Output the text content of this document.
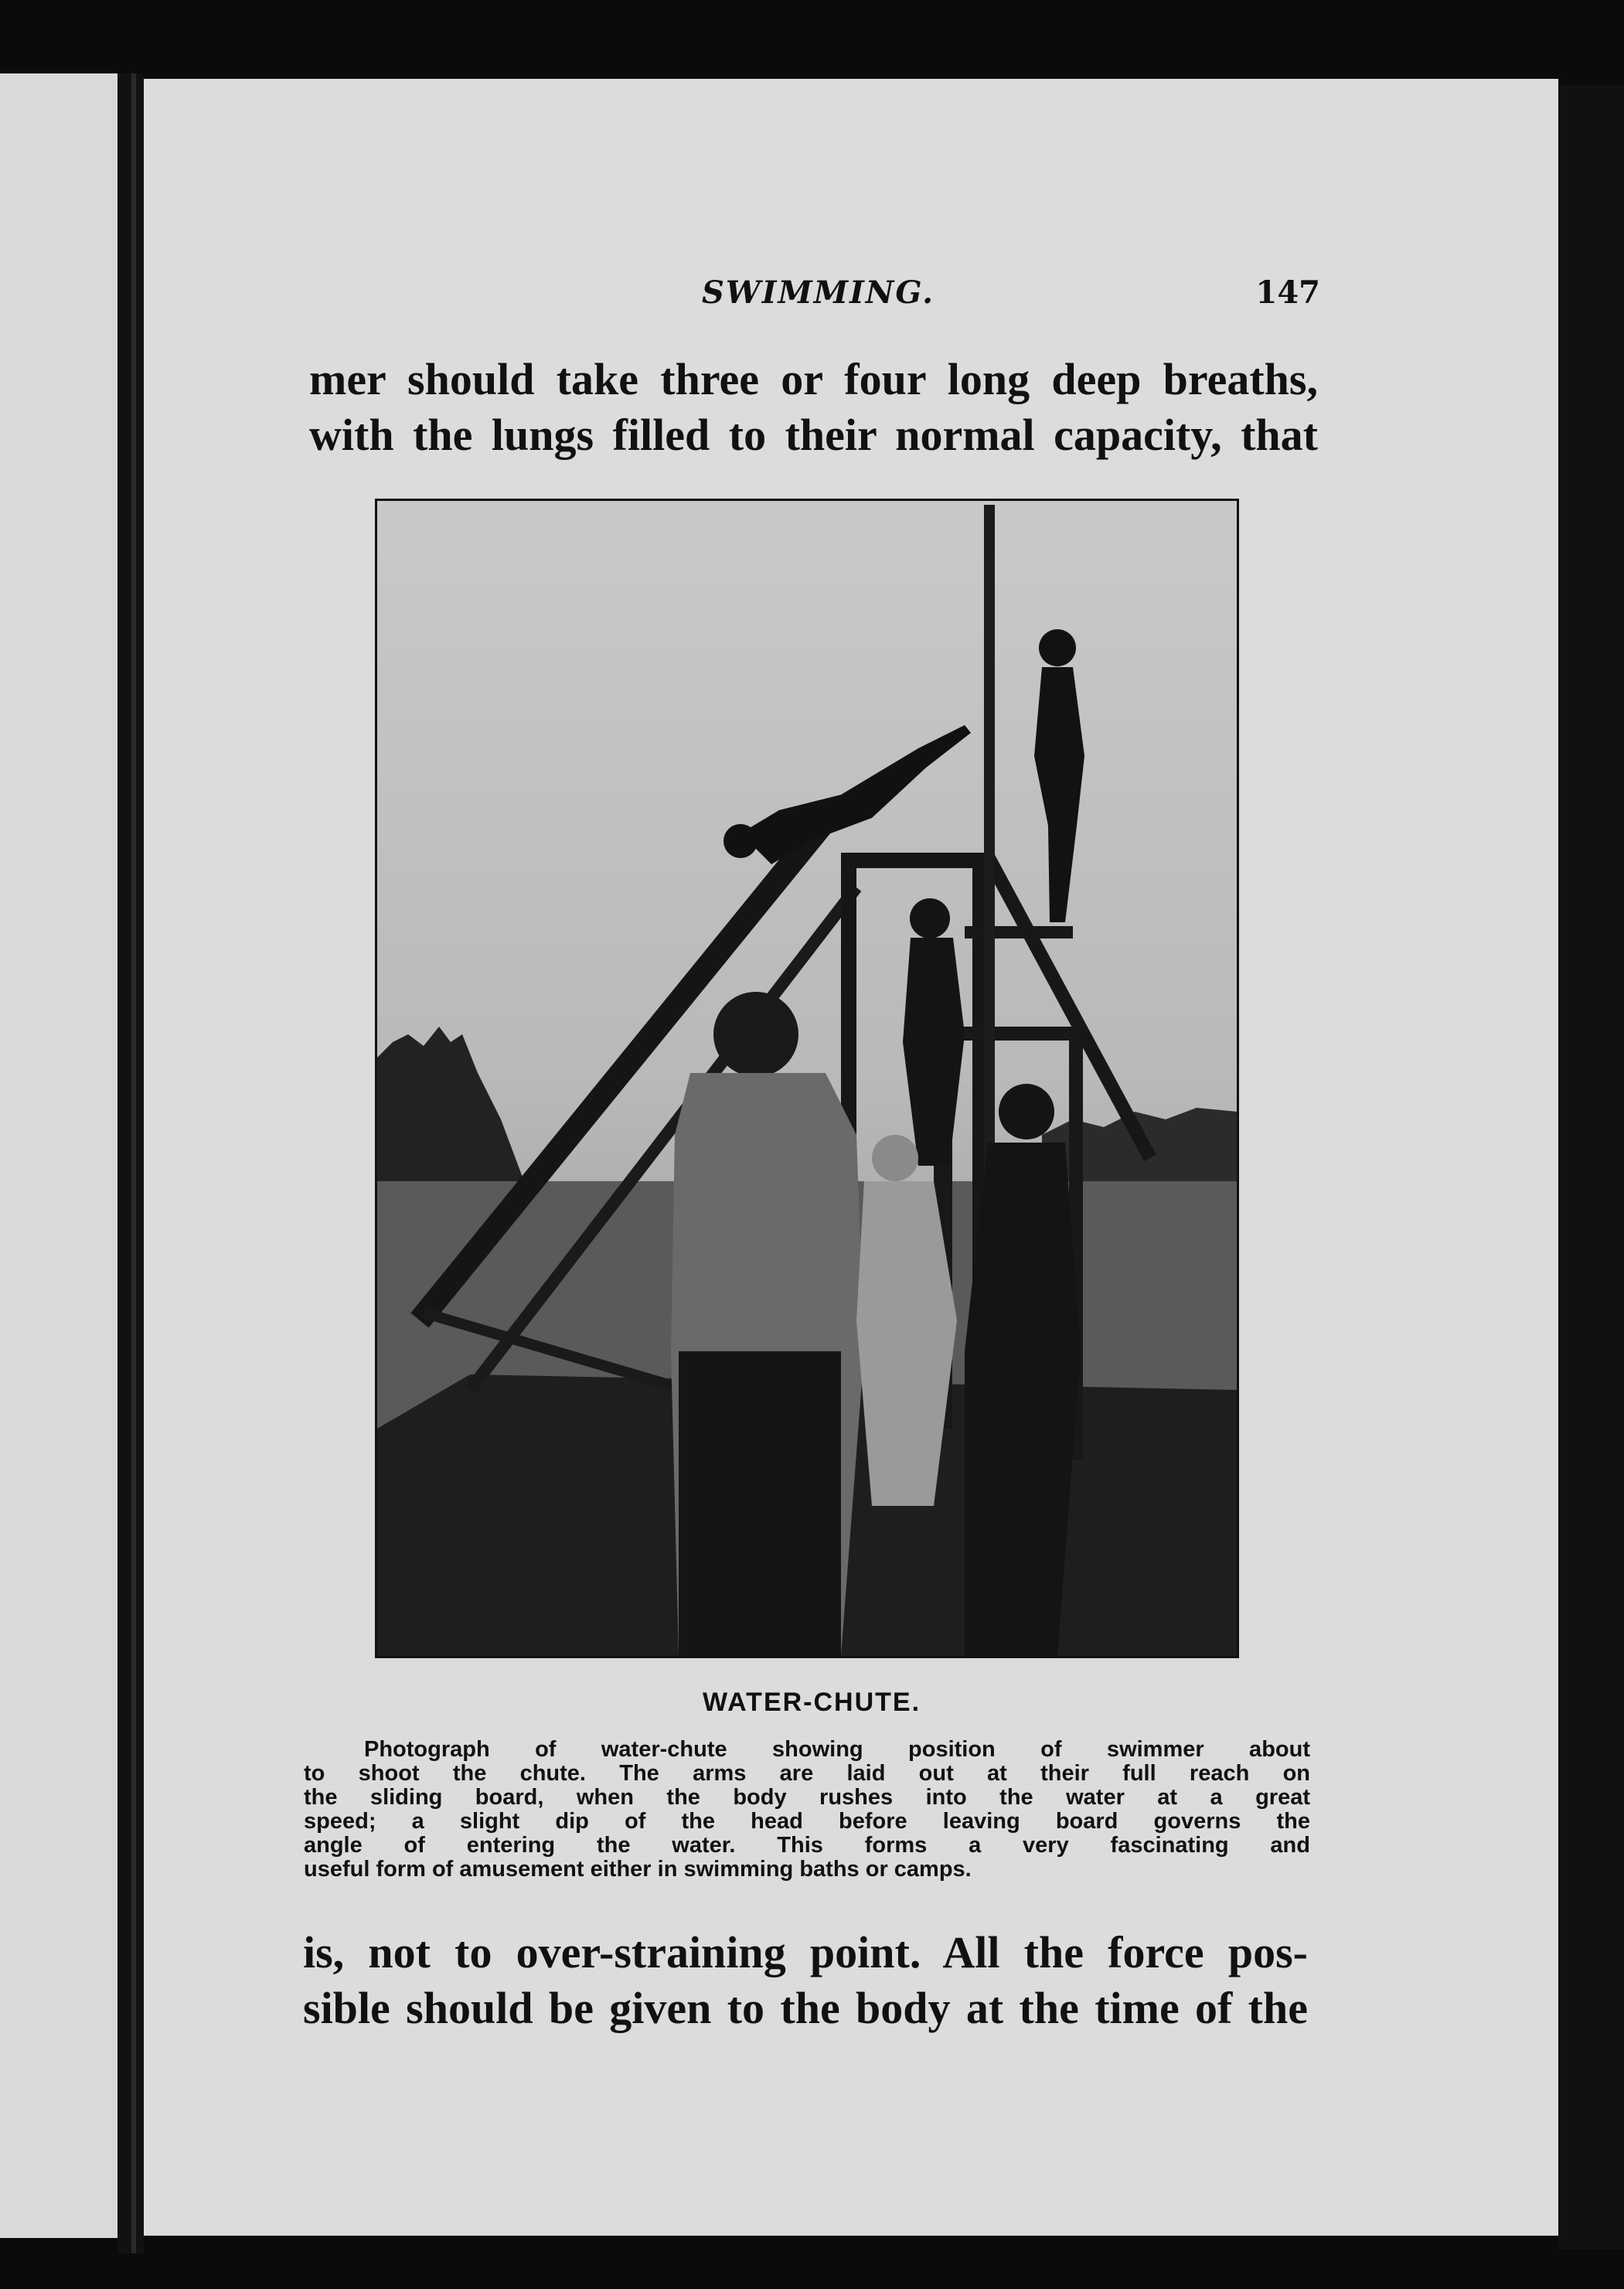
SWIMMING.	147
mer should take three or four long deep breaths,
with the lungs filled to their normal capacity, that
WATER-CHUTE.
Photograph of water-chute showing position of swimmer about
to shoot the chute. The arms are laid out at their full reach on
the sliding board, when the body rushes into the water at a great
speed; a slight dip of the head before leaving board governs the
angle of entering the water. This forms a very fascinating and
useful form of amusement either in swimming baths or camps.
is, not to over-straining point. All the force pos-
sible should be given to the body at the time of the
